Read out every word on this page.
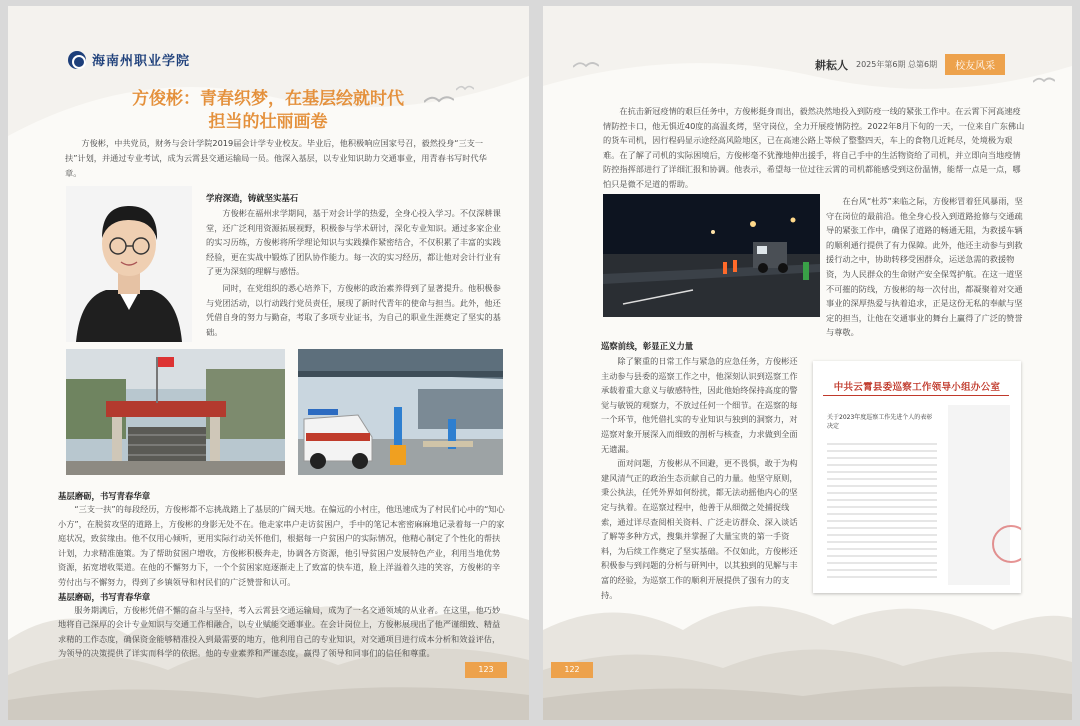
海南州职业学院
方俊彬：青春织梦，在基层绘就时代
担当的壮丽画卷

方俊彬，中共党员，财务与会计学院2019届会计学专业校友。毕业后，他积极响应国家号召，毅然投身“三支一扶”计划，并通过专业考试，成为云霄县交通运输局一员。他深入基层，以专业知识助力交通事业，用青春书写时代华章。

学府深造，铸就坚实基石

方俊彬在福州求学期间，基于对会计学的热爱，全身心投入学习。不仅深耕课堂，还广泛利用资源拓展视野，积极参与学术研讨，深化专业知识。通过多家企业的实习历练，方俊彬将所学理论知识与实践操作紧密结合，不仅积累了丰富的实践经验，更在实战中锻炼了团队协作能力。每一次的实习经历，都让他对会计行业有了更为深刻的理解与感悟。

同时，在党组织的悉心培养下，方俊彬的政治素养得到了显著提升。他积极参与党团活动，以行动践行党员责任，展现了新时代青年的使命与担当。此外，他还凭借自身的努力与勤奋，考取了多项专业证书，为自己的职业生涯奠定了坚实的基础。

基层磨砺，书写青春华章

“三支一扶”的每段经历，方俊彬都不忘挑战踏上了基层的广阔天地。在偏远的小村庄，他迅速成为了村民们心中的“知心小方”，在脱贫攻坚的道路上，方俊彬的身影无处不在。他走家串户走访贫困户，手中的笔记本密密麻麻地记录着每一户的家庭状况，致贫缘由。他不仅用心倾听，更用实际行动关怀他们，根据每一户贫困户的实际情况，他精心制定了个性化的帮扶计划，力求精准施策。为了帮助贫困户增收，方俊彬积极奔走，协调各方资源，他引导贫困户发展特色产业，利用当地优势资源，拓宽增收渠道。在他的不懈努力下，一个个贫困家庭逐渐走上了致富的快车道，脸上洋溢着久违的笑容，方俊彬的辛劳付出与不懈努力，得到了乡镇领导和村民们的广泛赞誉和认可。

基层磨砺，书写青春华章

服务期满后，方俊彬凭借不懈的奋斗与坚持，考入云霄县交通运输局，成为了一名交通领域的从业者。在这里，他巧妙地将自己深厚的会计专业知识与交通工作相融合，以专业赋能交通事业。在会计岗位上，方俊彬展现出了他严谨细致、精益求精的工作态度，确保资金能够精准投入到最需要的地方，他利用自己的专业知识，对交通项目进行成本分析和效益评估，为领导的决策提供了详实而科学的依据。他的专业素养和严谨态度，赢得了领导和同事们的信任和尊重。

123
耕耘人 2025年第6期 总第6期	校友风采

在抗击新冠疫情的艰巨任务中，方俊彬挺身而出，毅然决然地投入到防疫一线的紧张工作中。在云霄下河高速疫情防控卡口，他无惧近40度的高温炙烤，坚守岗位，全力开展疫情防控。2022年8月下旬的一天，一位来自广东佛山的货车司机，因行程码显示途经高风险地区，已在高速公路上等候了整整四天，车上的食物几近耗尽，处境极为艰难。在了解了司机的实际困境后，方俊彬毫不犹豫地伸出援手，将自己手中的生活物资给了司机，并立即向当地疫情防控指挥部进行了详细汇报和协调。他表示，希望每一位过往云霄的司机都能感受到这份温情，能帮一点是一点，哪怕只是微不足道的帮助。

在台风“杜苏”来临之际，方俊彬冒着狂风暴雨，坚守在岗位的最前沿。他全身心投入到道路抢修与交通疏导的紧张工作中，确保了道路的畅通无阻，为救援车辆的顺利通行提供了有力保障。此外，他还主动参与到救援行动之中，协助转移受困群众，运送急需的救援物资，为人民群众的生命财产安全保驾护航。在这一道坚不可摧的防线，方俊彬的每一次付出，都凝聚着对交通事业的深厚热爱与执着追求，正是这份无私的奉献与坚定的担当，让他在交通事业的舞台上赢得了广泛的赞誉与尊敬。

巡察前线，彰显正义力量

除了繁重的日常工作与紧急的应急任务，方俊彬还主动参与县委的巡察工作之中，他深刻认识到巡察工作承载着重大意义与敏感特性，因此他始终保持高度的警觉与敏锐的观察力，不放过任何一个细节。在巡察的每一个环节，他凭借扎实的专业知识与独到的洞察力，对巡察对象开展深入而细致的剖析与核查，力求做到全面无遗漏。

面对问题，方俊彬从不回避，更不畏惧，敢于为构建风清气正的政治生态贡献自己的力量。他坚守原则，秉公执法，任凭外界如何纷扰，都无法动摇他内心的坚定与执着。在巡察过程中，他善于从细微之处捕捉线索，通过详尽查阅相关资料、广泛走访群众、深入谈话了解等多种方式，搜集并掌握了大量宝贵的第一手资料，为后续工作奠定了坚实基础。不仅如此，方俊彬还积极参与到问题的分析与研判中，以其独到的见解与丰富的经验，为巡察工作的顺利开展提供了强有力的支持。

中共云霄县委巡察工作领导小组办公室
关于2023年度巡察工作先进个人的表彰决定
122
